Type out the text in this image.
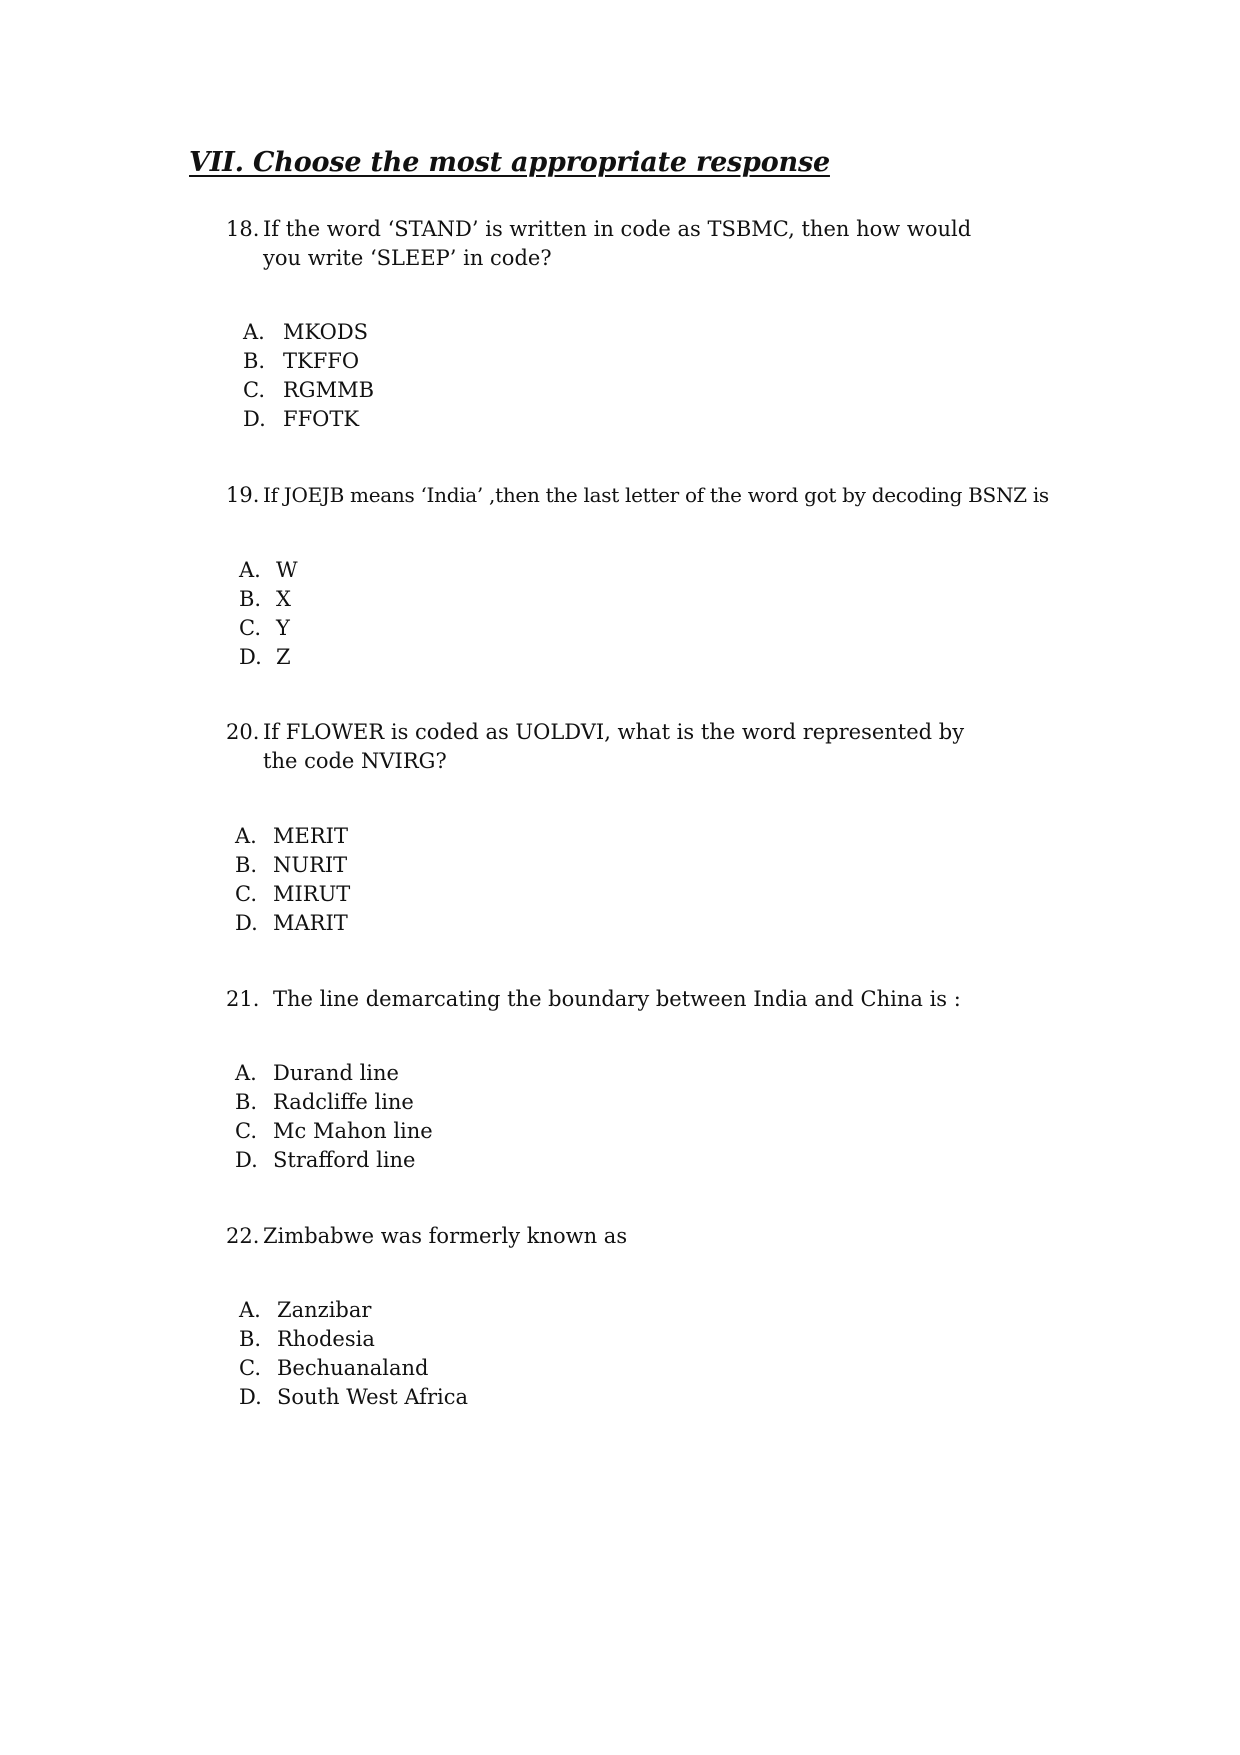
VII. Choose the most appropriate response
18. If the word ‘STAND’ is written in code as TSBMC, then how would you write ‘SLEEP’ in code?
A. MKODS
B. TKFFO
C. RGMMB
D. FFOTK
19. If JOEJB means ‘India’ ,then the last letter of the word got by decoding BSNZ is
A. W
B. X
C. Y
D. Z
20. If FLOWER is coded as UOLDVI, what is the word represented by the code NVIRG?
A. MERIT
B. NURIT
C. MIRUT
D. MARIT
21. The line demarcating the boundary between India and China is :
A. Durand line
B. Radcliffe line
C. Mc Mahon line
D. Strafford line
22. Zimbabwe was formerly known as
A. Zanzibar
B. Rhodesia
C. Bechuanaland
D. South West Africa
